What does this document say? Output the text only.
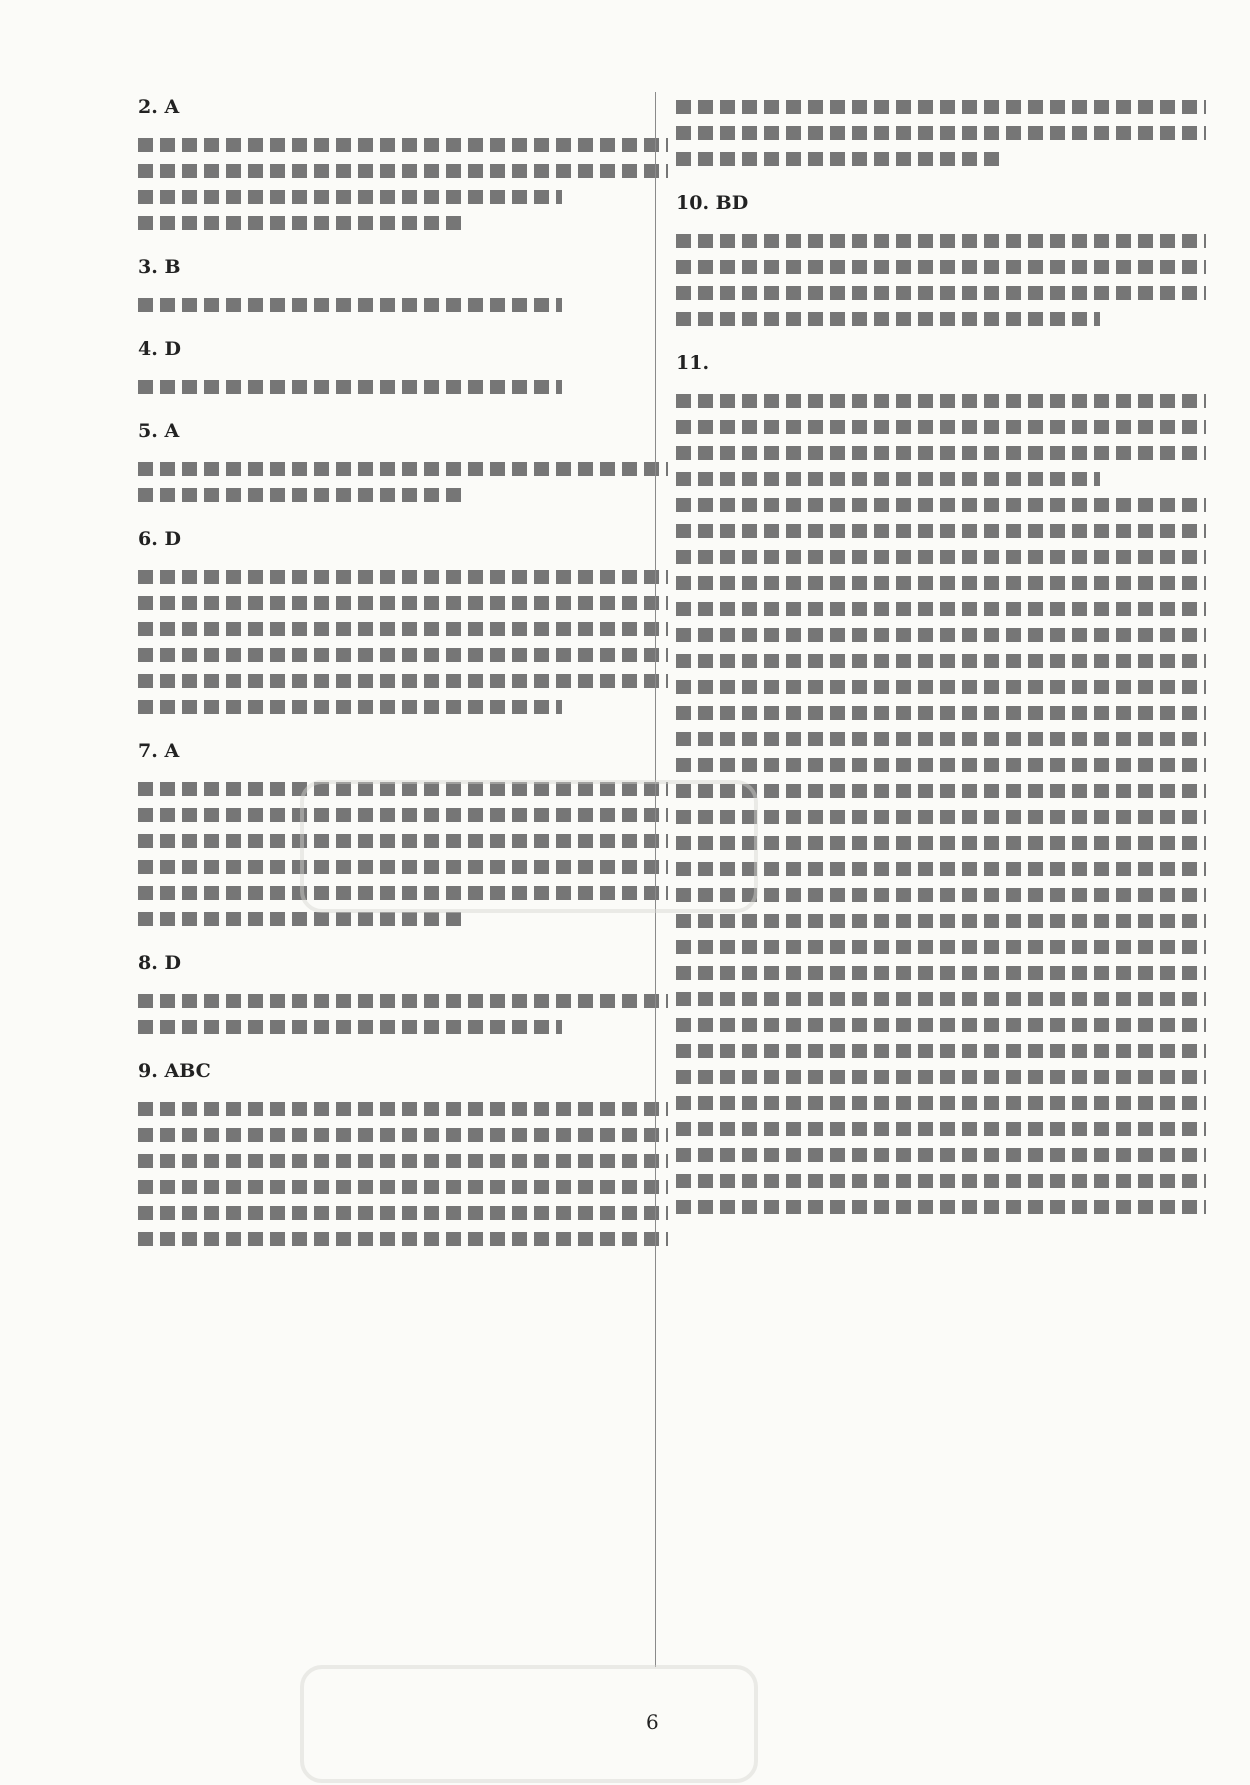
2. A
3. B
4. D
5. A
6. D
7. A
8. D
9. ABC
10. BD
11.
6
